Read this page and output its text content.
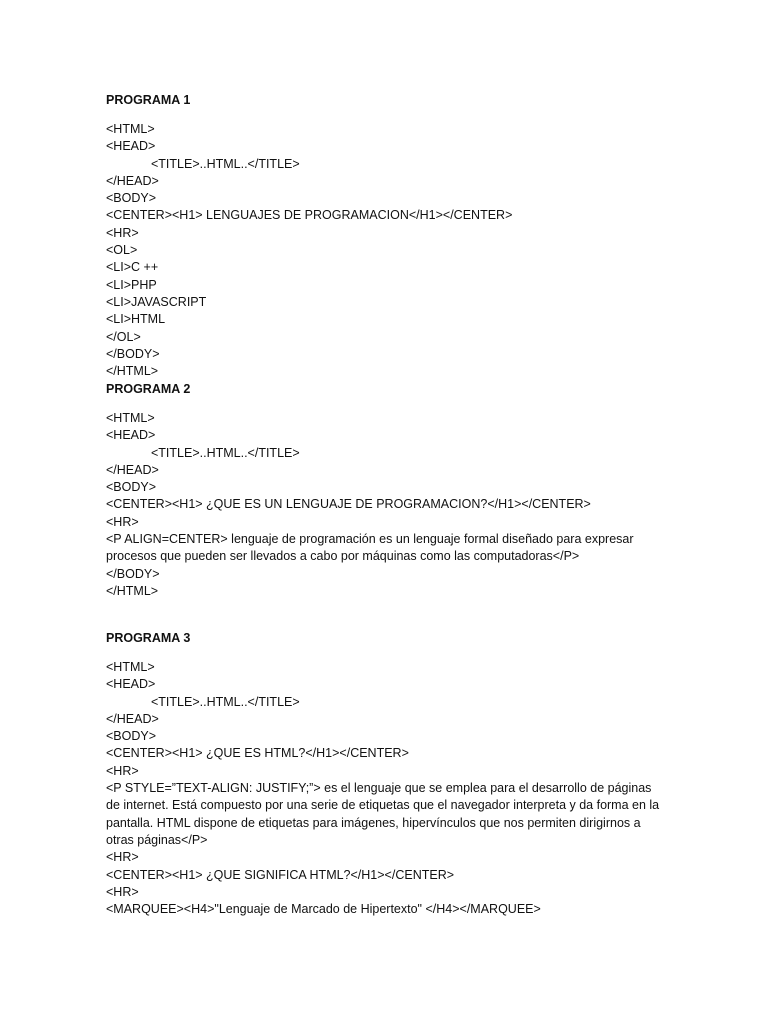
PROGRAMA 1
<HTML>
<HEAD>
<TITLE>..HTML..</TITLE>
</HEAD>
<BODY>
<CENTER><H1> LENGUAJES DE PROGRAMACION</H1></CENTER>
<HR>
<OL>
<LI>C ++
<LI>PHP
<LI>JAVASCRIPT
<LI>HTML
</OL>
</BODY>
</HTML>
PROGRAMA 2
<HTML>
<HEAD>
<TITLE>..HTML..</TITLE>
</HEAD>
<BODY>
<CENTER><H1> ¿QUE ES UN LENGUAJE DE PROGRAMACION?</H1></CENTER>
<HR>
<P ALIGN=CENTER> lenguaje de programación es un lenguaje formal diseñado para expresar procesos que pueden ser llevados a cabo por máquinas como las computadoras</P>
</BODY>
</HTML>
PROGRAMA 3
<HTML>
<HEAD>
<TITLE>..HTML..</TITLE>
</HEAD>
<BODY>
<CENTER><H1> ¿QUE ES HTML?</H1></CENTER>
<HR>
<P STYLE=”TEXT-ALIGN: JUSTIFY;”> es el lenguaje que se emplea para el desarrollo de páginas de internet. Está compuesto por una serie de etiquetas que el navegador interpreta y da forma en la pantalla. HTML dispone de etiquetas para imágenes, hipervínculos que nos permiten dirigirnos a otras páginas</P>
<HR>
<CENTER><H1> ¿QUE SIGNIFICA HTML?</H1></CENTER>
<HR>
<MARQUEE><H4>"Lenguaje de Marcado de Hipertexto" </H4></MARQUEE>
